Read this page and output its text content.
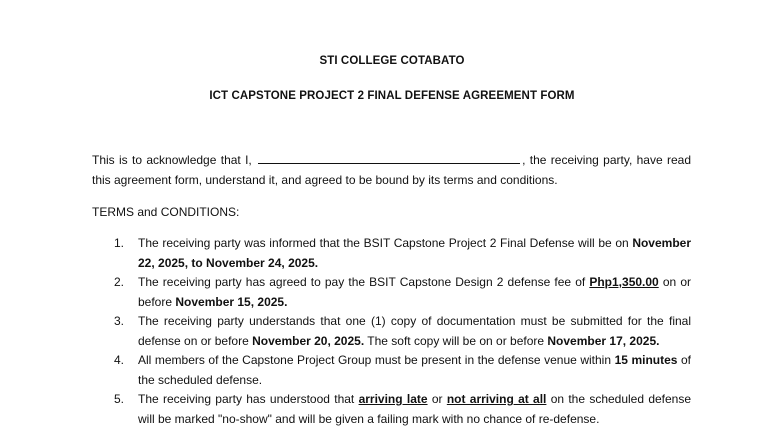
STI COLLEGE COTABATO
ICT CAPSTONE PROJECT 2 FINAL DEFENSE AGREEMENT FORM
This is to acknowledge that I,	, the receiving party, have read this agreement form, understand it, and agreed to be bound by its terms and conditions.
TERMS and CONDITIONS:
1. The receiving party was informed that the BSIT Capstone Project 2 Final Defense will be on November 22, 2025, to November 24, 2025.
2. The receiving party has agreed to pay the BSIT Capstone Design 2 defense fee of Php1,350.00 on or before November 15, 2025.
3. The receiving party understands that one (1) copy of documentation must be submitted for the final defense on or before November 20, 2025. The soft copy will be on or before November 17, 2025.
4. All members of the Capstone Project Group must be present in the defense venue within 15 minutes of the scheduled defense.
5. The receiving party has understood that arriving late or not arriving at all on the scheduled defense will be marked "no-show" and will be given a failing mark with no chance of re-defense.
